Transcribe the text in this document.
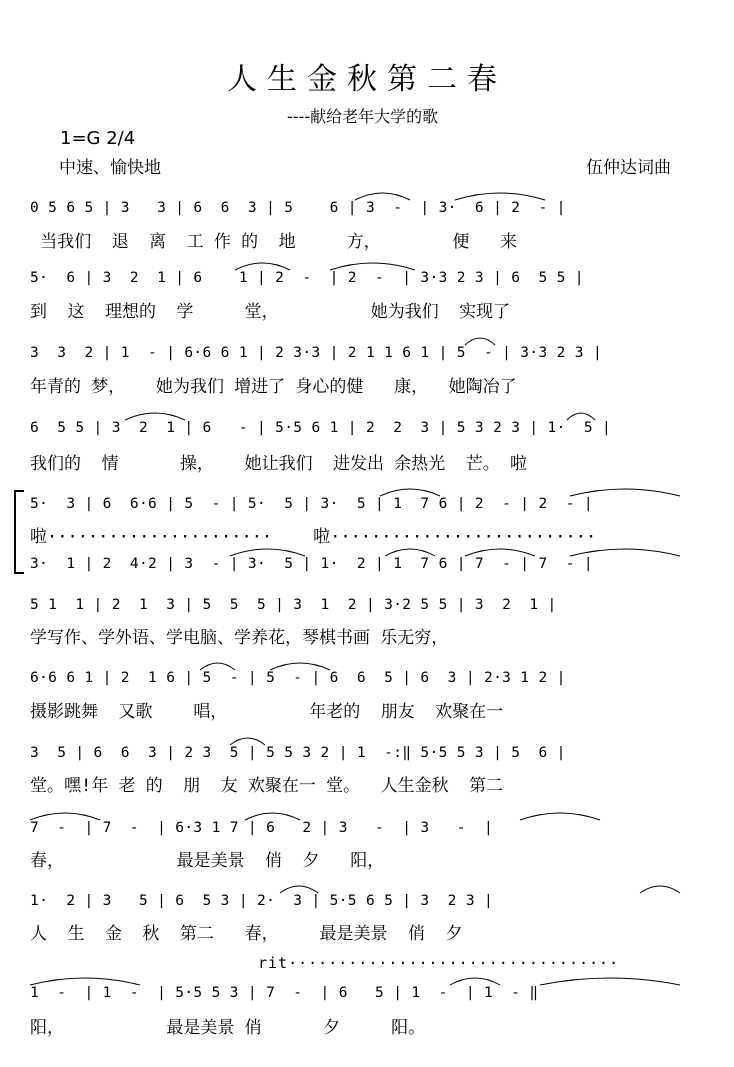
人生金秋第二春
----献给老年大学的歌
1=G 2/4
中速、愉快地	伍仲达词曲
rit·································
0 5 6 5 | 3   3 | 6  6  3 | 5    6 | 3  -  | 3·  6 | 2  - |
当我们  退  离  工 作 的  地     方，       便   来
5·  6 | 3  2  1 | 6    1 | 2  -  | 2  -  | 3·3 2 3 | 6  5 5 |
到  这  理想的  学     堂，         她为我们  实现了
3  3  2 | 1  - | 6·6 6 1 | 2 3·3 | 2 1 1 6 1 | 5  - | 3·3 2 3 |
年青的 梦，   她为我们 增进了 身心的健   康，  她陶冶了
6  5 5 | 3  2  1 | 6   - | 5·5 6 1 | 2  2  3 | 5 3 2 3 | 1·  5 |
我们的  情      操，   她让我们  进发出 余热光  芒。 啦
5·  3 | 6  6·6 | 5  - | 5·  5 | 3·  5 | 1  7 6 | 2  - | 2  - |
啦······················    啦··························
3·  1 | 2  4·2 | 3  - | 3·  5 | 1·  2 | 1  7 6 | 7  - | 7  - |
5 1  1 | 2  1  3 | 5  5  5 | 3  1  2 | 3·2 5 5 | 3  2  1 |
学写作、学外语、学电脑、学养花，琴棋书画 乐无穷，
6·6 6 1 | 2  1 6 | 5  - | 5  - | 6  6  5 | 6  3 | 2·3 1 2 |
摄影跳舞  又歌    唱，        年老的  朋友  欢聚在一
3  5 | 6  6  3 | 2 3  5 | 5 5 3 2 | 1  -:‖ 5·5 5 3 | 5  6 |
堂。嘿!年 老 的  朋  友 欢聚在一 堂。  人生金秋  第二
7  -  | 7  -  | 6·3 1 7 | 6   2 | 3   -  | 3   -  |
春，           最是美景  俏  夕   阳，
1·  2 | 3   5 | 6  5 3 | 2·  3 | 5·5 6 5 | 3  2 3 |
人  生  金  秋  第二   春，    最是美景  俏  夕
1  -  | 1  -  | 5·5 5 3 | 7  -  | 6   5 | 1  -  | 1  - ‖
阳，          最是美景 俏      夕     阳。
